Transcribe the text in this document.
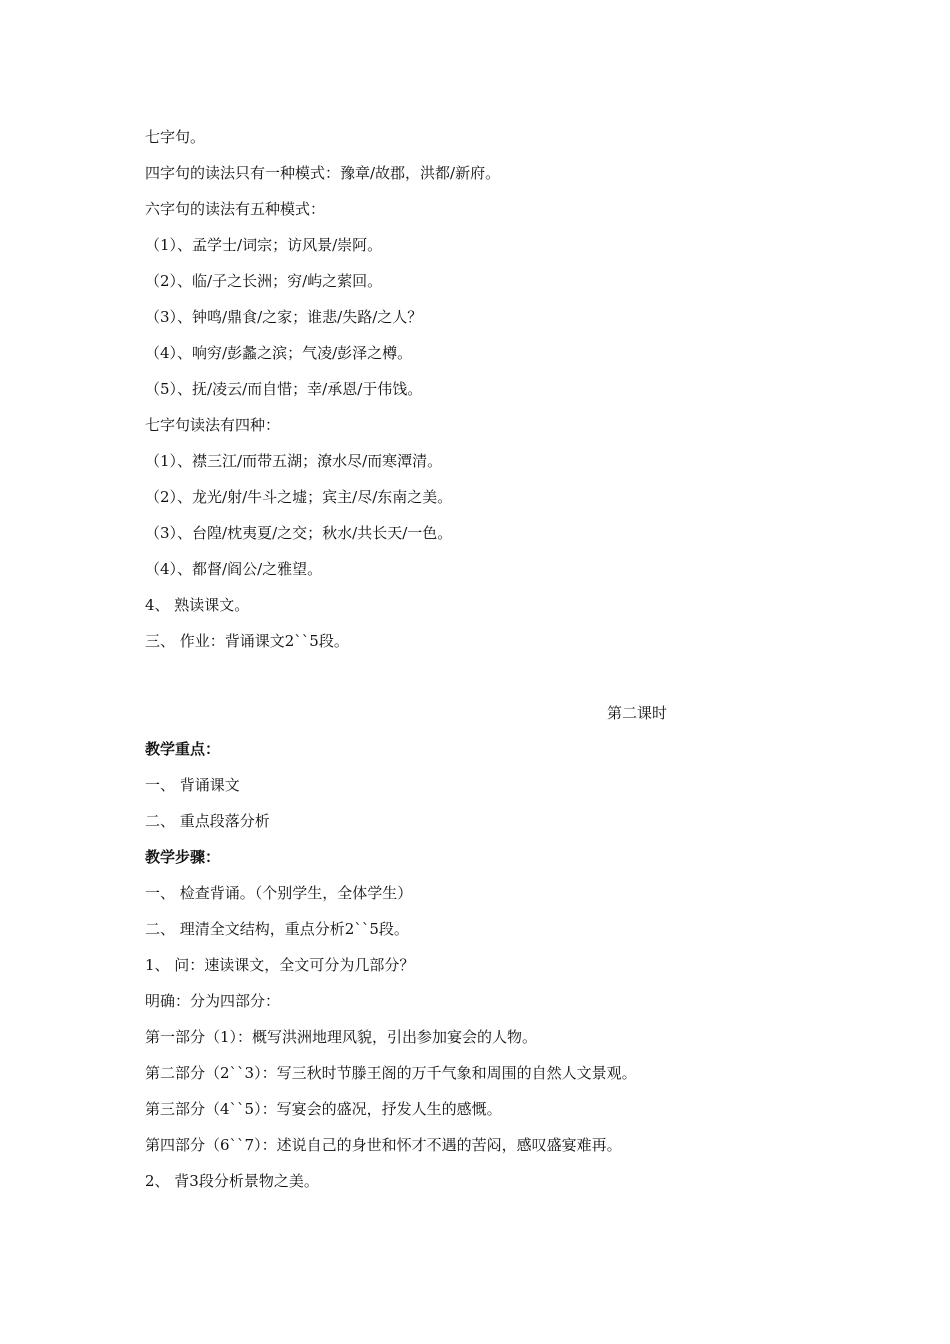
七字句。
四字句的读法只有一种模式：豫章/故郡，洪都/新府。
六字句的读法有五种模式：
（1）、孟学士/词宗；访风景/崇阿。
（2）、临/子之长洲；穷/屿之萦回。
（3）、钟鸣/鼎食/之家；谁悲/失路/之人？
（4）、响穷/彭蠡之滨；气凌/彭泽之樽。
（5）、抚/凌云/而自惜；幸/承恩/于伟饯。
七字句读法有四种：
（1）、襟三江/而带五湖；潦水尽/而寒潭清。
（2）、龙光/射/牛斗之墟；宾主/尽/东南之美。
（3）、台隍/枕夷夏/之交；秋水/共长天/一色。
（4）、都督/阎公/之雅望。
4、 熟读课文。
三、 作业：背诵课文2``5段。
第二课时
教学重点：
一、 背诵课文
二、 重点段落分析
教学步骤：
一、 检查背诵。（个别学生，全体学生）
二、 理清全文结构，重点分析2``5段。
1、 问：速读课文，全文可分为几部分？
明确：分为四部分：
第一部分（1）：概写洪洲地理风貌，引出参加宴会的人物。
第二部分（2``3）：写三秋时节滕王阁的万千气象和周围的自然人文景观。
第三部分（4``5）：写宴会的盛况，抒发人生的感慨。
第四部分（6``7）：述说自己的身世和怀才不遇的苦闷，感叹盛宴难再。
2、 背3段分析景物之美。
